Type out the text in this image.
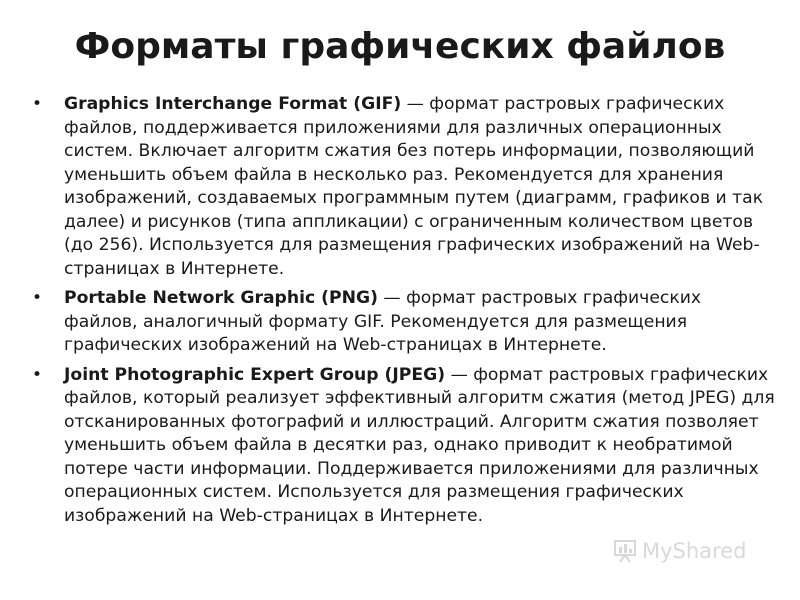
Форматы графических файлов
• Graphics Interchange Format (GIF) — формат растровых графических файлов, поддерживается приложениями для различных операционных систем. Включает алгоритм сжатия без потерь информации, позволяющий уменьшить объем файла в несколько раз. Рекомендуется для хранения изображений, создаваемых программным путем (диаграмм, графиков и так далее) и рисунков (типа аппликации) с ограниченным количеством цветов (до 256). Используется для размещения графических изображений на Web-страницах в Интернете.
• Portable Network Graphic (PNG) — формат растровых графических файлов, аналогичный формату GIF. Рекомендуется для размещения графических изображений на Web-страницах в Интернете.
• Joint Photographic Expert Group (JPEG) — формат растровых графических файлов, который реализует эффективный алгоритм сжатия (метод JPEG) для отсканированных фотографий и иллюстраций. Алгоритм сжатия позволяет уменьшить объем файла в десятки раз, однако приводит к необратимой потере части информации. Поддерживается приложениями для различных операционных систем. Используется для размещения графических изображений на Web-страницах в Интернете.
MyShared
